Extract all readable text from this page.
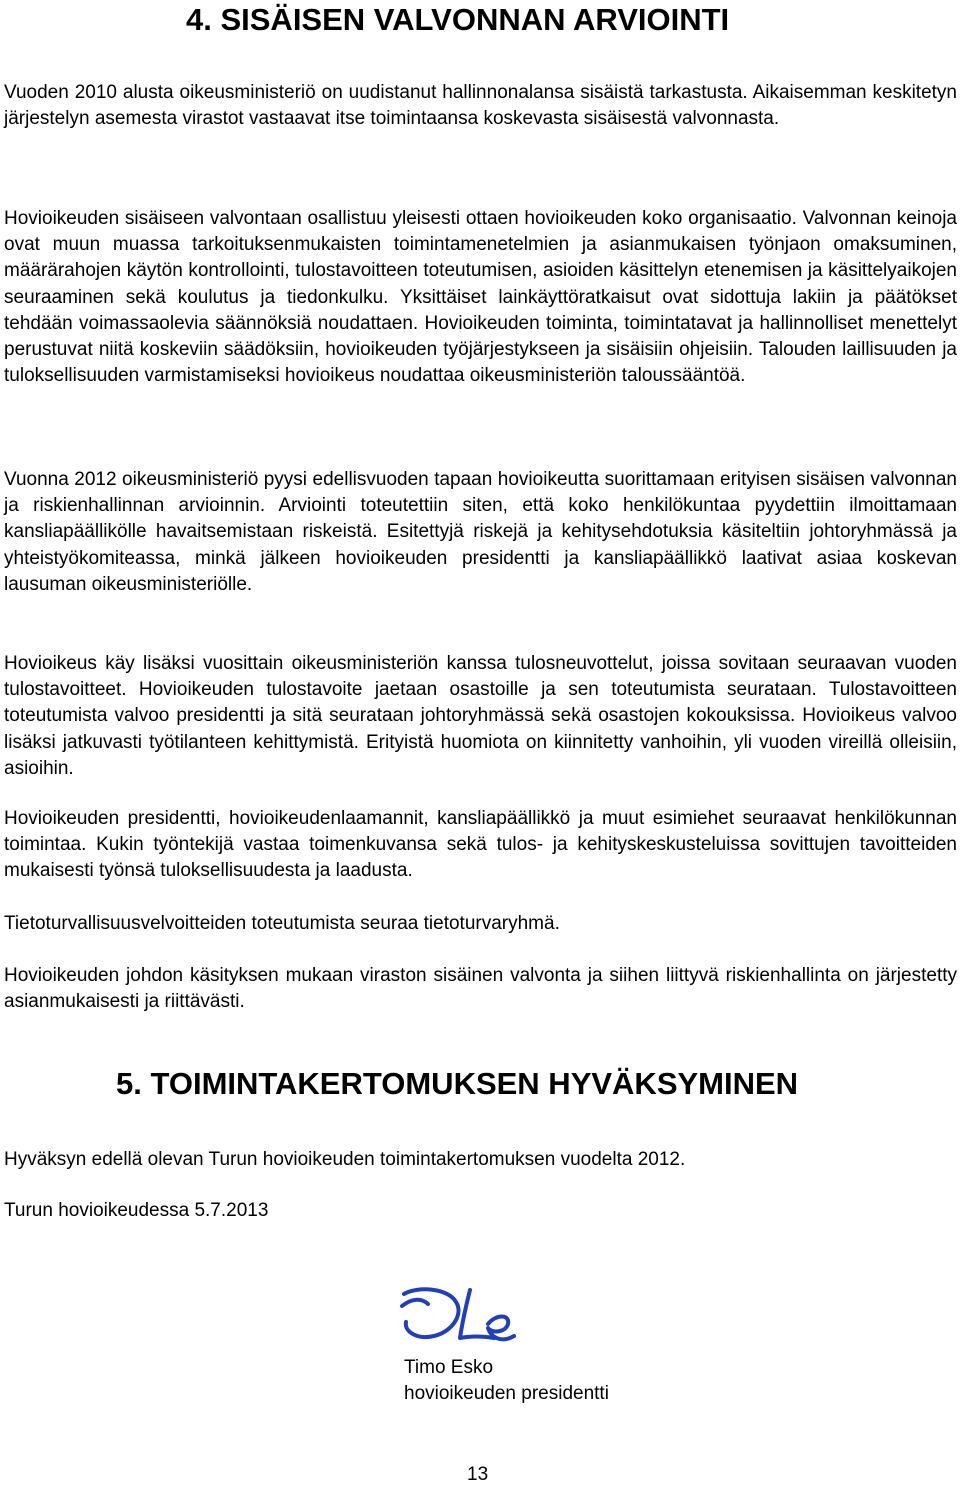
4. SISÄISEN VALVONNAN ARVIOINTI

Vuoden 2010 alusta oikeusministeriö on uudistanut hallinnonalansa sisäistä tarkastusta. Aikaisemman keskitetyn järjestelyn asemesta virastot vastaavat itse toimintaansa koskevasta sisäisestä valvonnasta.

Hovioikeuden sisäiseen valvontaan osallistuu yleisesti ottaen hovioikeuden koko organisaatio. Valvonnan keinoja ovat muun muassa tarkoituksenmukaisten toimintamenetelmien ja asianmukaisen työnjaon omaksuminen, määrärahojen käytön kontrollointi, tulostavoitteen toteutumisen, asioiden käsittelyn etenemisen ja käsittelyaikojen seuraaminen sekä koulutus ja tiedonkulku. Yksittäiset lainkäyttöratkaisut ovat sidottuja lakiin ja päätökset tehdään voimassaolevia säännöksiä noudattaen. Hovioikeuden toiminta, toimintatavat ja hallinnolliset menettelyt perustuvat niitä koskeviin säädöksiin, hovioikeuden työjärjestykseen ja sisäisiin ohjeisiin. Talouden laillisuuden ja tuloksellisuuden varmistamiseksi hovioikeus noudattaa oikeusministeriön taloussääntöä.

Vuonna 2012 oikeusministeriö pyysi edellisvuoden tapaan hovioikeutta suorittamaan erityisen sisäisen valvonnan ja riskienhallinnan arvioinnin. Arviointi toteutettiin siten, että koko henkilökuntaa pyydettiin ilmoittamaan kansliapäällikölle havaitsemistaan riskeistä. Esitettyjä riskejä ja kehitysehdotuksia käsiteltiin johtoryhmässä ja yhteistyökomiteassa, minkä jälkeen hovioikeuden presidentti ja kansliapäällikkö laativat asiaa koskevan lausuman oikeusministeriölle.

Hovioikeus käy lisäksi vuosittain oikeusministeriön kanssa tulosneuvottelut, joissa sovitaan seuraavan vuoden tulostavoitteet. Hovioikeuden tulostavoite jaetaan osastoille ja sen toteutumista seurataan. Tulostavoitteen toteutumista valvoo presidentti ja sitä seurataan johtoryhmässä sekä osastojen kokouksissa. Hovioikeus valvoo lisäksi jatkuvasti työtilanteen kehittymistä. Erityistä huomiota on kiinnitetty vanhoihin, yli vuoden vireillä olleisiin, asioihin.

Hovioikeuden presidentti, hovioikeudenlaamannit, kansliapäällikkö ja muut esimiehet seuraavat henkilökunnan toimintaa. Kukin työntekijä vastaa toimenkuvansa sekä tulos- ja kehityskeskusteluissa sovittujen tavoitteiden mukaisesti työnsä tuloksellisuudesta ja laadusta.

Tietoturvallisuusvelvoitteiden toteutumista seuraa tietoturvaryhmä.

Hovioikeuden johdon käsityksen mukaan viraston sisäinen valvonta ja siihen liittyvä riskienhallinta on järjestetty asianmukaisesti ja riittävästi.

5. TOIMINTAKERTOMUKSEN HYVÄKSYMINEN

Hyväksyn edellä olevan Turun hovioikeuden toimintakertomuksen vuodelta 2012.

Turun hovioikeudessa 5.7.2013

Timo Esko

hovioikeuden presidentti

13
